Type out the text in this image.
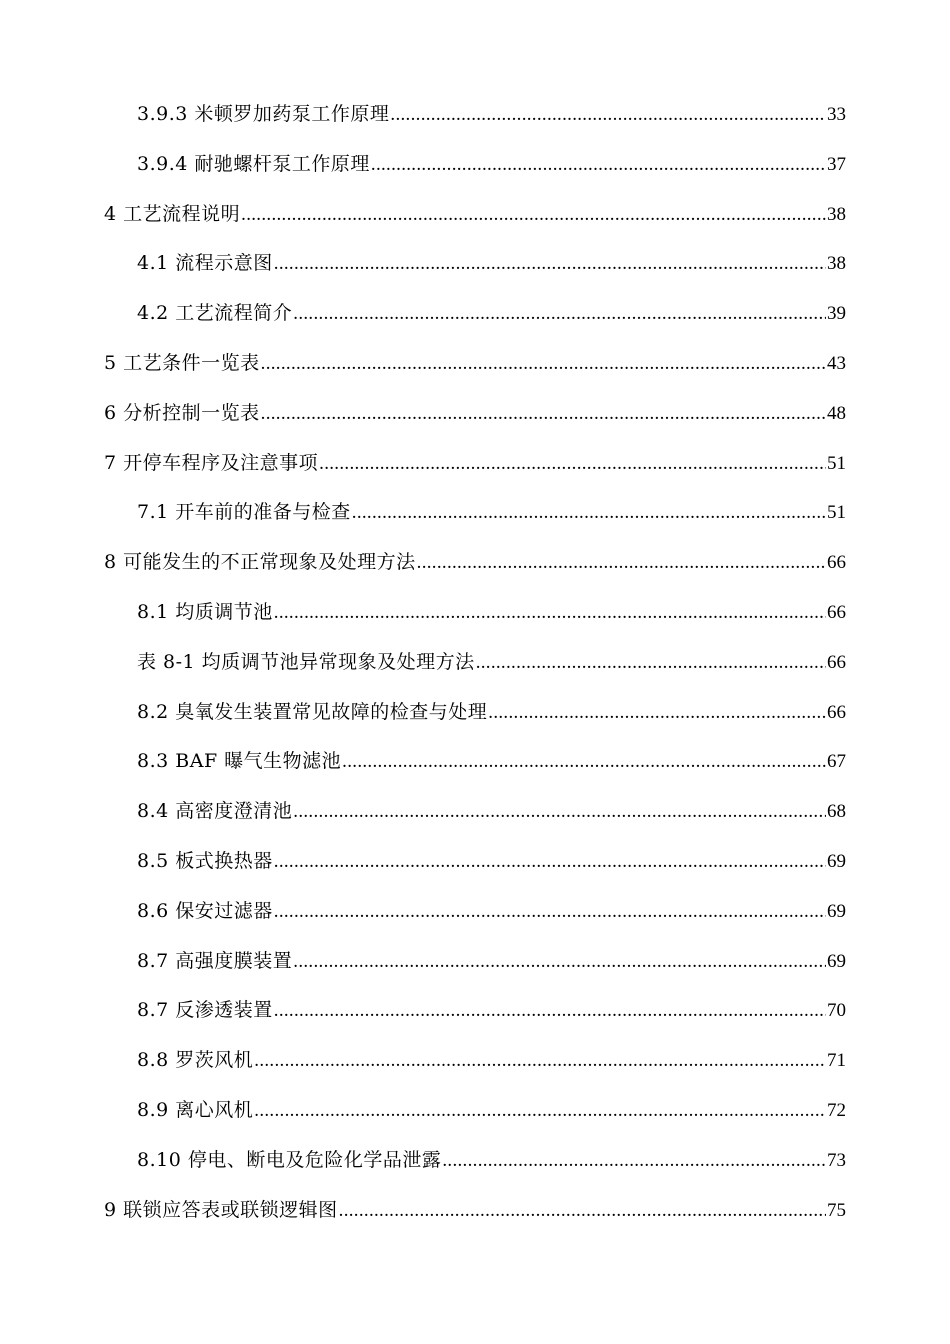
3.9.3 米顿罗加药泵工作原理 .....	33
3.9.4 耐驰螺杆泵工作原理 .....	37
4 工艺流程说明 .....	38
4.1 流程示意图 .....	38
4.2 工艺流程简介 .....	39
5 工艺条件一览表 .....	43
6 分析控制一览表 .....	48
7 开停车程序及注意事项 .....	51
7.1 开车前的准备与检查 .....	51
8 可能发生的不正常现象及处理方法 .....	66
8.1 均质调节池 .....	66
表 8-1 均质调节池异常现象及处理方法 .....	66
8.2 臭氧发生装置常见故障的检查与处理 .....	66
8.3 BAF 曝气生物滤池 .....	67
8.4 高密度澄清池 .....	68
8.5 板式换热器 .....	69
8.6 保安过滤器 .....	69
8.7 高强度膜装置 .....	69
8.7 反渗透装置 .....	70
8.8 罗茨风机 .....	71
8.9 离心风机 .....	72
8.10 停电、断电及危险化学品泄露 .....	73
9 联锁应答表或联锁逻辑图 .....	75
